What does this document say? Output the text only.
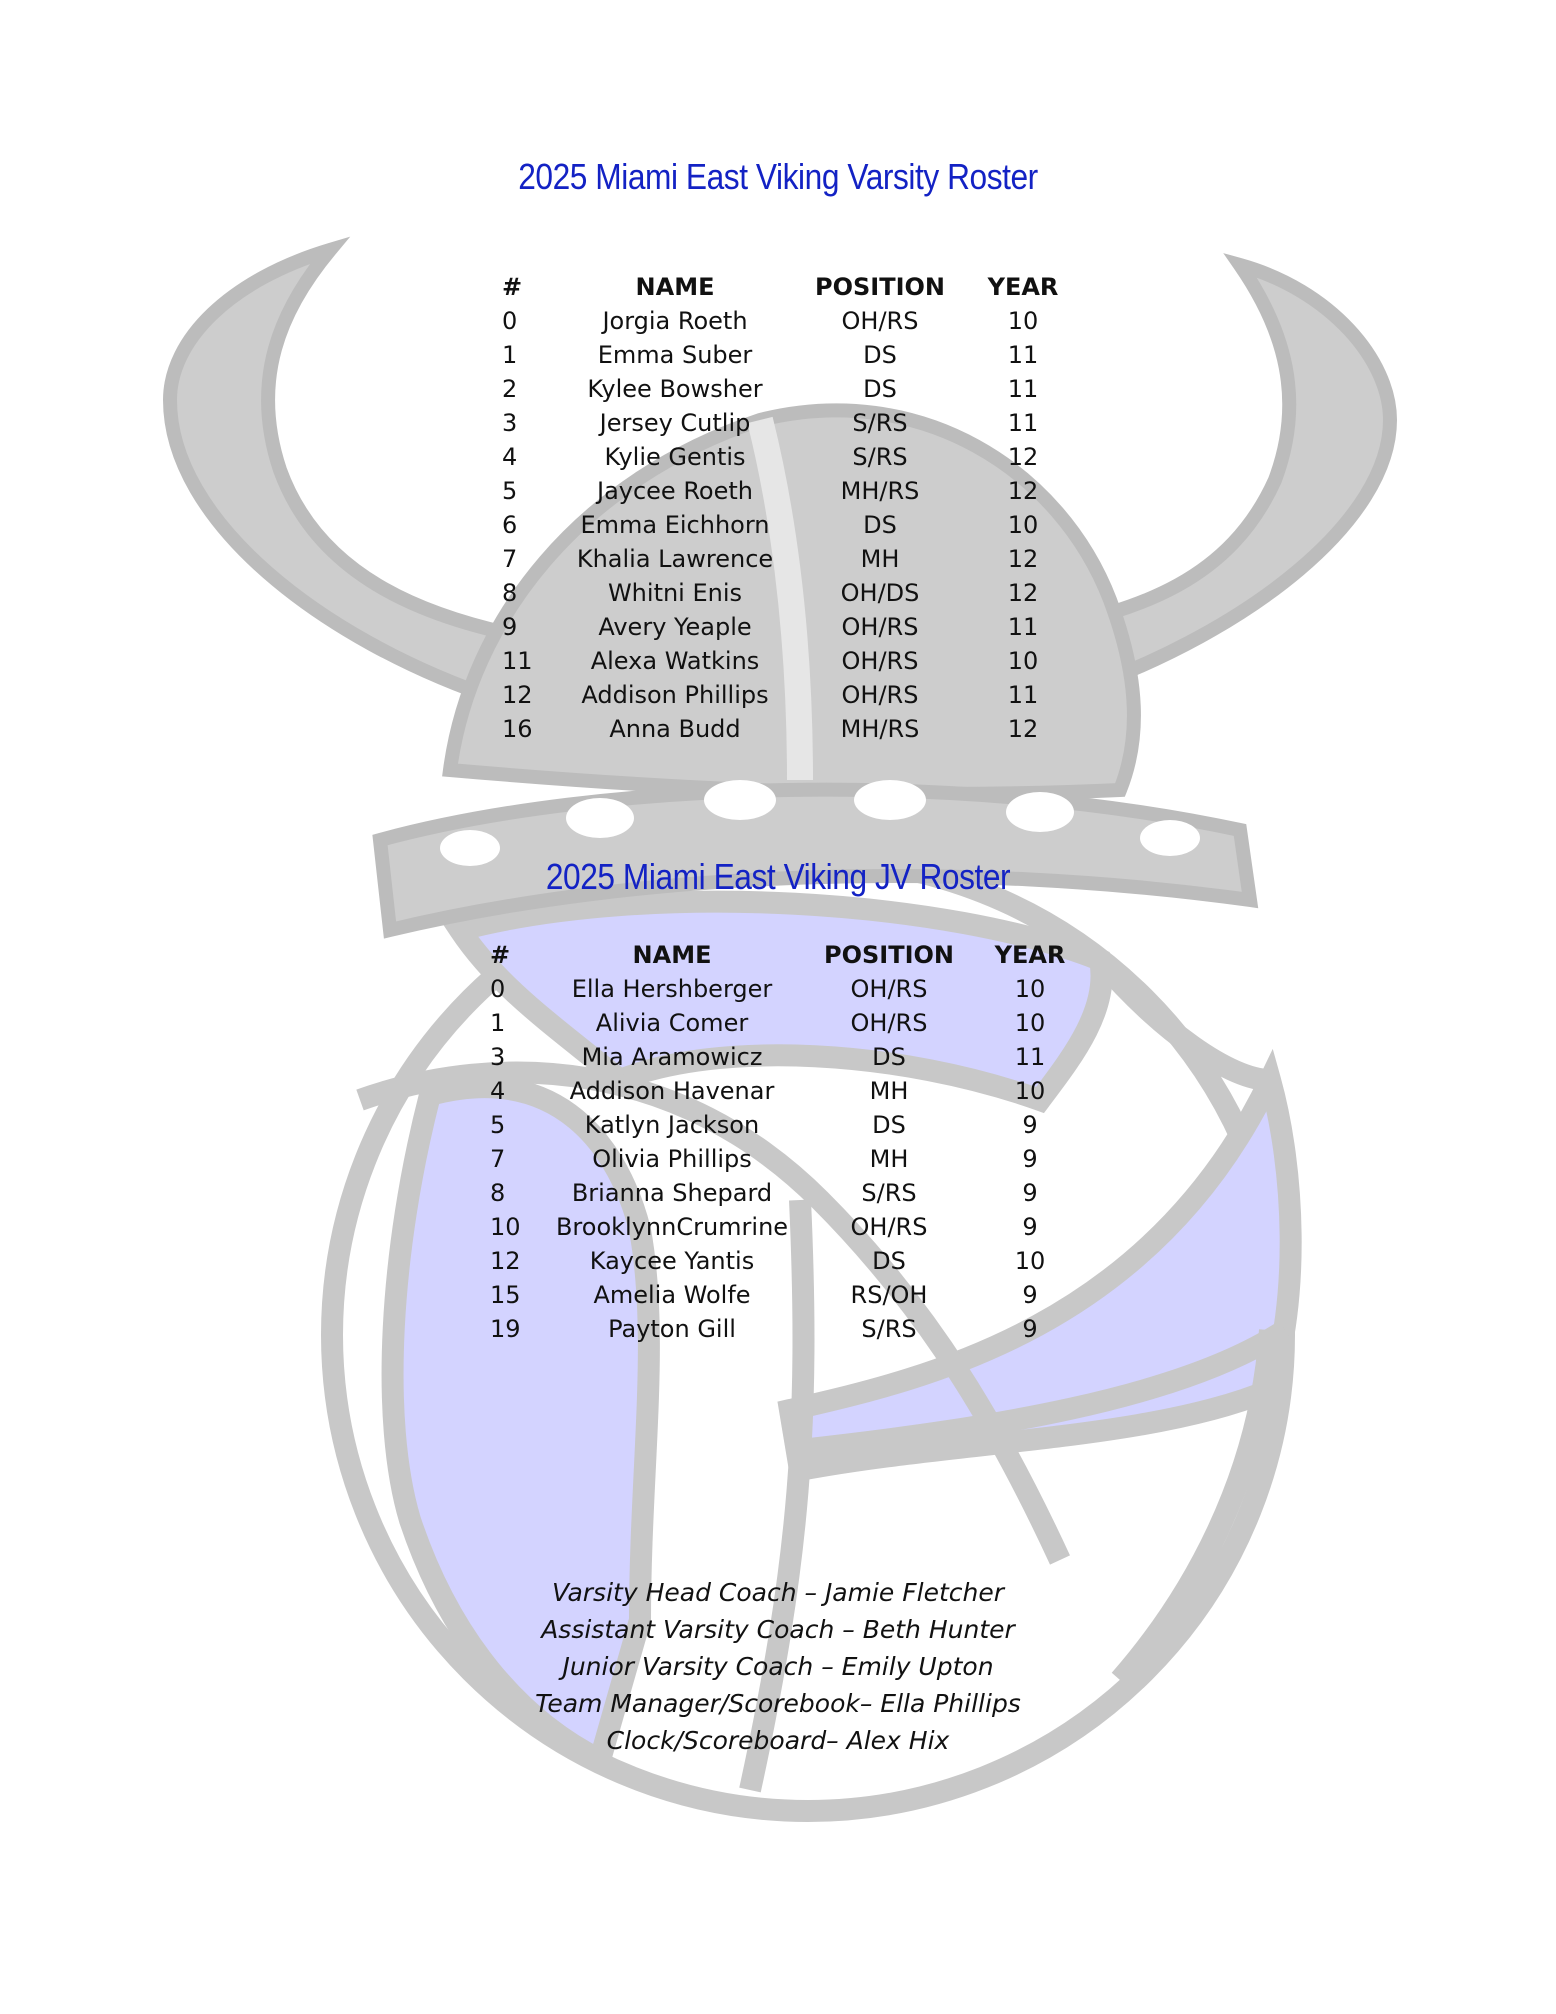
2025 Miami East Viking Varsity Roster
#	NAME	POSITION	YEAR
0	Jorgia Roeth	OH/RS	10
1	Emma Suber	DS	11
2	Kylee Bowsher	DS	11
3	Jersey Cutlip	S/RS	11
4	Kylie Gentis	S/RS	12
5	Jaycee Roeth	MH/RS	12
6	Emma Eichhorn	DS	10
7	Khalia Lawrence	MH	12
8	Whitni Enis	OH/DS	12
9	Avery Yeaple	OH/RS	11
11	Alexa Watkins	OH/RS	10
12	Addison Phillips	OH/RS	11
16	Anna Budd	MH/RS	12
2025 Miami East Viking JV Roster
#	NAME	POSITION	YEAR
0	Ella Hershberger	OH/RS	10
1	Alivia Comer	OH/RS	10
3	Mia Aramowicz	DS	11
4	Addison Havenar	MH	10
5	Katlyn Jackson	DS	9
7	Olivia Phillips	MH	9
8	Brianna Shepard	S/RS	9
10	BrooklynnCrumrine	OH/RS	9
12	Kaycee Yantis	DS	10
15	Amelia Wolfe	RS/OH	9
19	Payton Gill	S/RS	9
Varsity Head Coach – Jamie Fletcher
Assistant Varsity Coach – Beth Hunter
Junior Varsity Coach – Emily Upton
Team Manager/Scorebook– Ella Phillips
Clock/Scoreboard– Alex Hix
